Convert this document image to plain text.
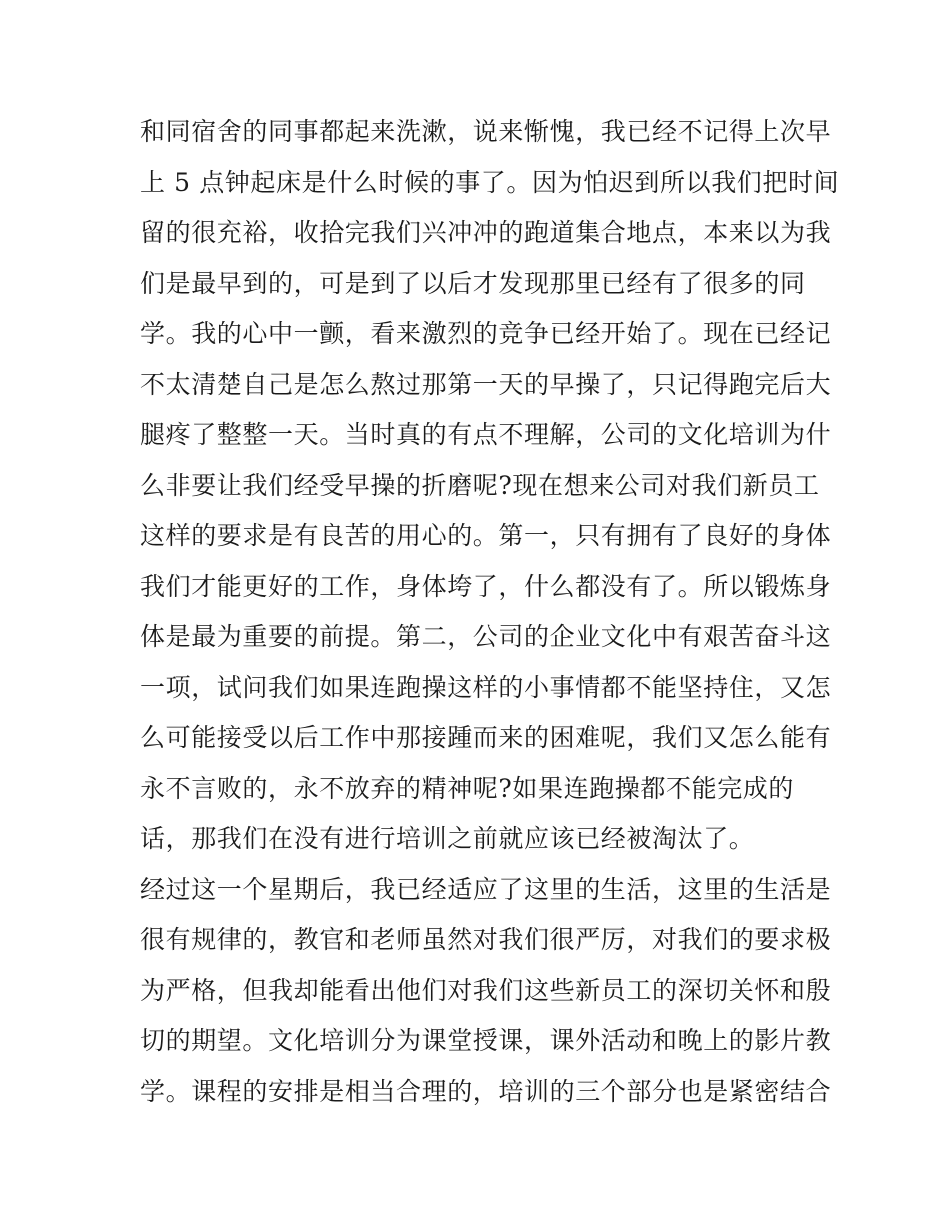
和同宿舍的同事都起来洗漱，说来惭愧，我已经不记得上次早
上 5 点钟起床是什么时候的事了。因为怕迟到所以我们把时间
留的很充裕，收拾完我们兴冲冲的跑道集合地点，本来以为我
们是最早到的，可是到了以后才发现那里已经有了很多的同
学。我的心中一颤，看来激烈的竞争已经开始了。现在已经记
不太清楚自己是怎么熬过那第一天的早操了，只记得跑完后大
腿疼了整整一天。当时真的有点不理解，公司的文化培训为什
么非要让我们经受早操的折磨呢?现在想来公司对我们新员工
这样的要求是有良苦的用心的。第一，只有拥有了良好的身体
我们才能更好的工作，身体垮了，什么都没有了。所以锻炼身
体是最为重要的前提。第二，公司的企业文化中有艰苦奋斗这
一项，试问我们如果连跑操这样的小事情都不能坚持住，又怎
么可能接受以后工作中那接踵而来的困难呢，我们又怎么能有
永不言败的，永不放弃的精神呢?如果连跑操都不能完成的
话，那我们在没有进行培训之前就应该已经被淘汰了。
经过这一个星期后，我已经适应了这里的生活，这里的生活是
很有规律的，教官和老师虽然对我们很严厉，对我们的要求极
为严格，但我却能看出他们对我们这些新员工的深切关怀和殷
切的期望。文化培训分为课堂授课，课外活动和晚上的影片教
学。课程的安排是相当合理的，培训的三个部分也是紧密结合
